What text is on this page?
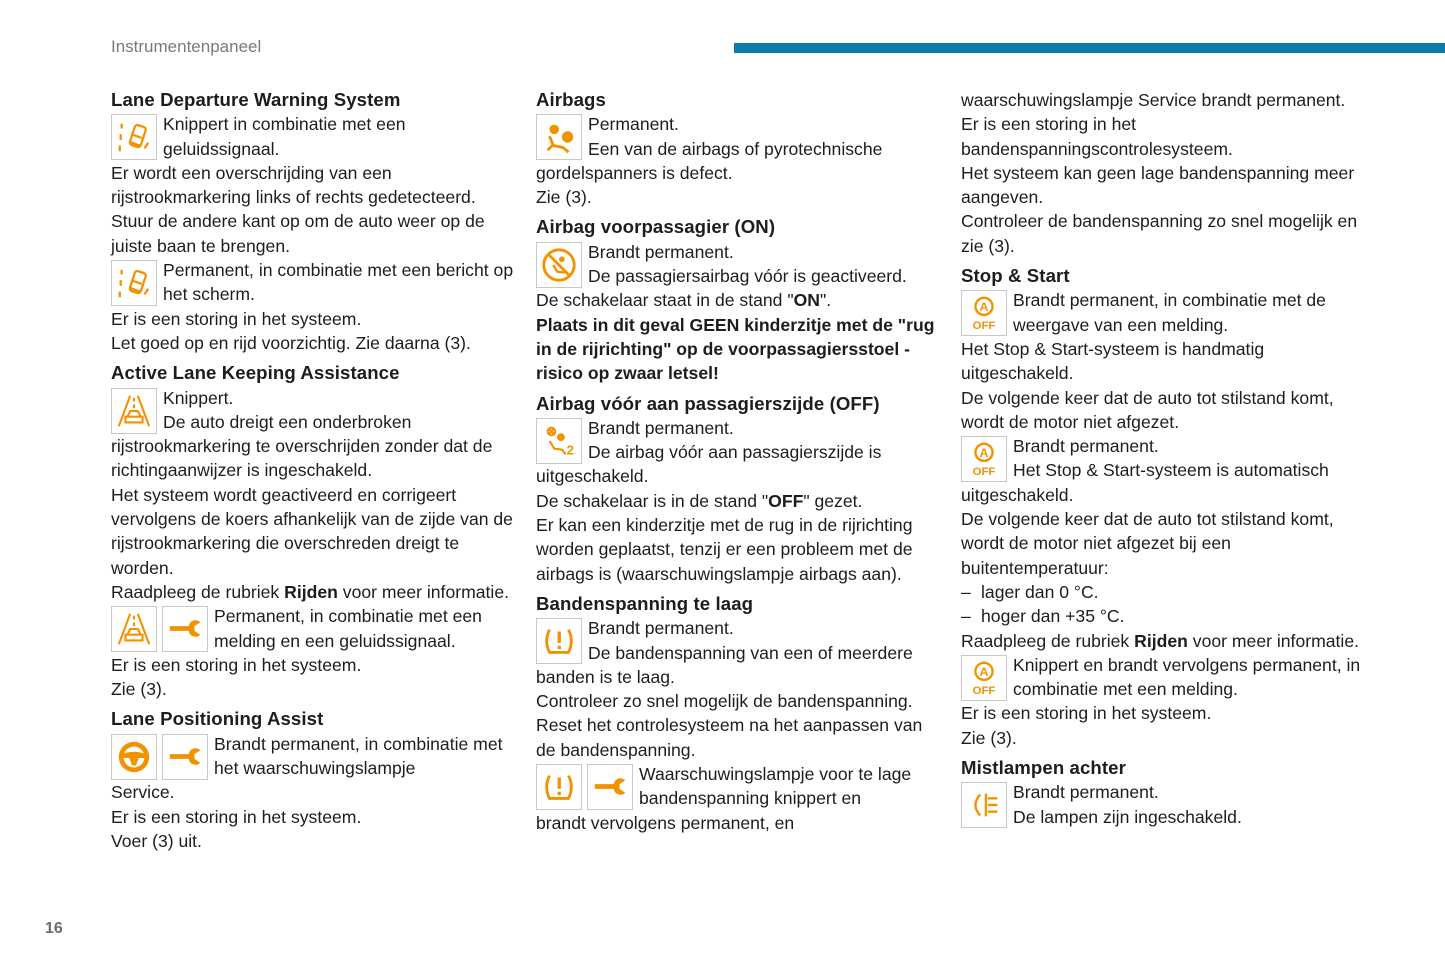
Instrumentenpaneel
Lane Departure Warning System
Knippert in combinatie met een geluidssignaal.

Er wordt een overschrijding van een rijstrookmarkering links of rechts gedetecteerd.

Stuur de andere kant op om de auto weer op de juiste baan te brengen.

Permanent, in combinatie met een bericht op het scherm.

Er is een storing in het systeem.

Let goed op en rijd voorzichtig. Zie daarna (3).

Active Lane Keeping Assistance
Knippert.
De auto dreigt een onderbroken

rijstrookmarkering te overschrijden zonder dat de richtingaanwijzer is ingeschakeld.

Het systeem wordt geactiveerd en corrigeert vervolgens de koers afhankelijk van de zijde van de rijstrookmarkering die overschreden dreigt te worden.

Raadpleeg de rubriek Rijden voor meer informatie.

Permanent, in combinatie met een melding en een geluidssignaal.

Er is een storing in het systeem.

Zie (3).

Lane Positioning Assist
Brandt permanent, in combinatie met het waarschuwingslampje

Service.

Er is een storing in het systeem.

Voer (3) uit.

Airbags
Permanent.
Een van de airbags of pyrotechnische

gordelspanners is defect.

Zie (3).

Airbag voorpassagier (ON)
Brandt permanent.
De passagiersairbag vóór is geactiveerd.

De schakelaar staat in de stand "ON".

Plaats in dit geval GEEN kinderzitje met de "rug in de rijrichting" op de voorpassagiersstoel - risico op zwaar letsel!

Airbag vóór aan passagierszijde (OFF)
2
Brandt permanent.
De airbag vóór aan passagierszijde is

uitgeschakeld.

De schakelaar is in de stand "OFF" gezet.

Er kan een kinderzitje met de rug in de rijrichting worden geplaatst, tenzij er een probleem met de airbags is (waarschuwingslampje airbags aan).

Bandenspanning te laag
Brandt permanent.
De bandenspanning van een of meerdere

banden is te laag.

Controleer zo snel mogelijk de bandenspanning.

Reset het controlesysteem na het aanpassen van de bandenspanning.

Waarschuwingslampje voor te lage bandenspanning knippert en

brandt vervolgens permanent, en

waarschuwingslampje Service brandt permanent.

Er is een storing in het bandenspanningscontrolesysteem.

Het systeem kan geen lage bandenspanning meer aangeven.

Controleer de bandenspanning zo snel mogelijk en zie (3).

Stop & Start
A
OFF
Brandt permanent, in combinatie met de weergave van een melding.

Het Stop & Start-systeem is handmatig uitgeschakeld.

De volgende keer dat de auto tot stilstand komt, wordt de motor niet afgezet.

A
OFF
Brandt permanent.
Het Stop & Start-systeem is automatisch

uitgeschakeld.

De volgende keer dat de auto tot stilstand komt, wordt de motor niet afgezet bij een buitentemperatuur:

– lager dan 0 °C.
– hoger dan +35 °C.

Raadpleeg de rubriek Rijden voor meer informatie.

A
OFF
Knippert en brandt vervolgens permanent, in combinatie met een melding.

Er is een storing in het systeem.

Zie (3).

Mistlampen achter
Brandt permanent.
De lampen zijn ingeschakeld.
16
